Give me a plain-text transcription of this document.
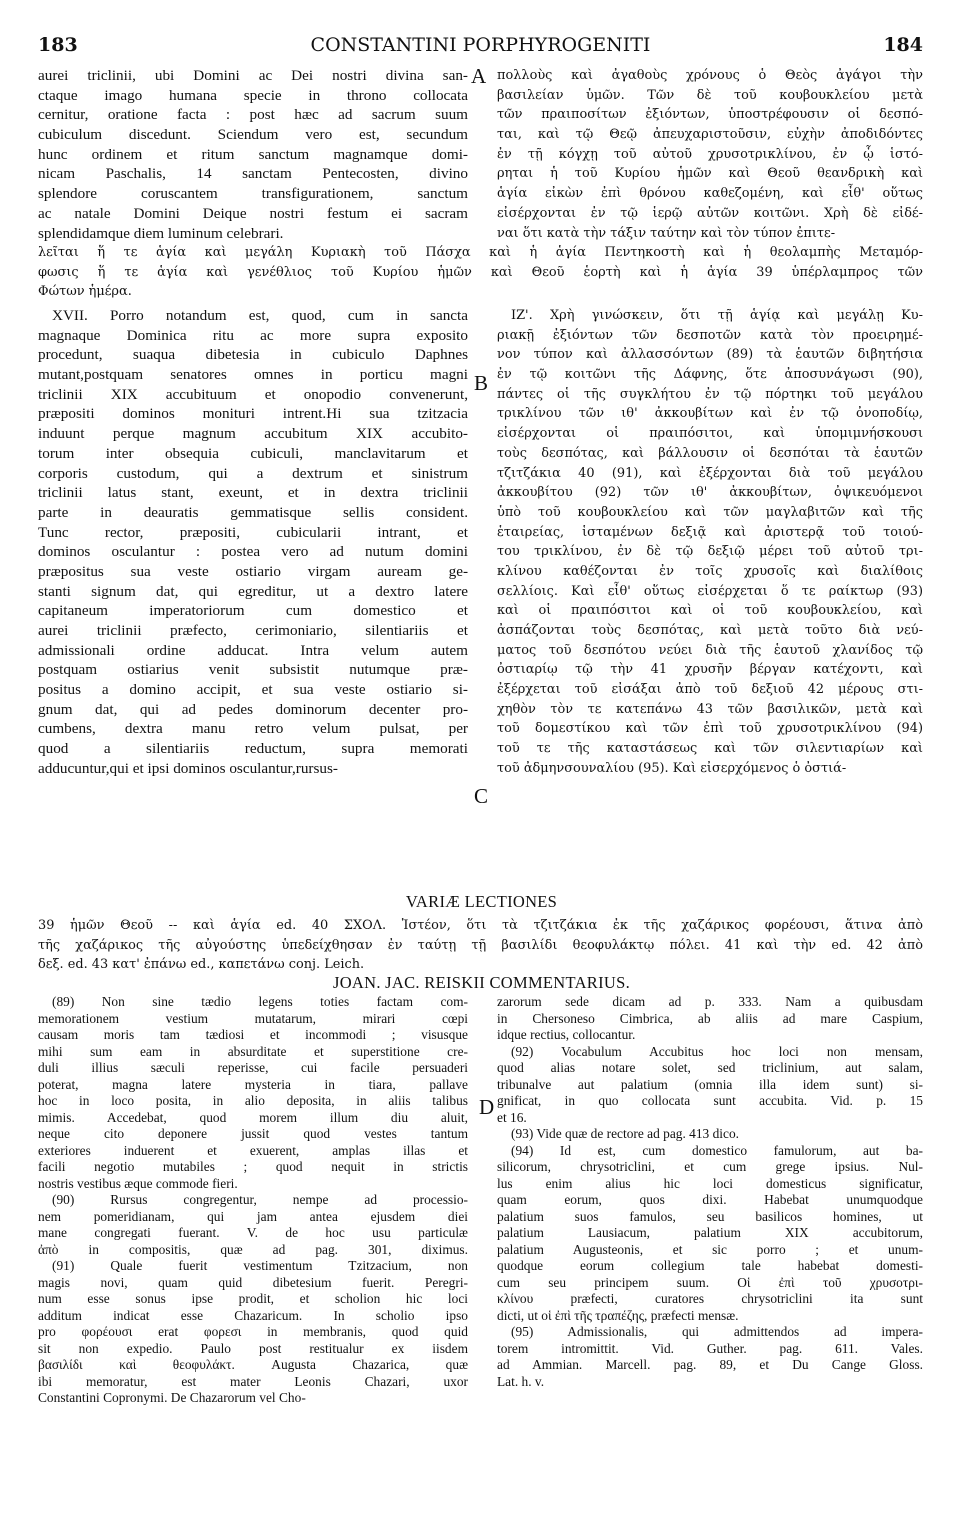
183	CONSTANTINI PORPHYROGENITI	184
aurei triclinii, ubi Domini ac Dei nostri divina san-
ctaque imago humana specie in throno collocata
cernitur, oratione facta : post hæc ad sacrum suum
cubiculum discedunt. Sciendum vero est, secundum
hunc ordinem et ritum sanctum magnamque domi-
nicam Paschalis, 14 sanctam Pentecosten, divino
splendore coruscantem transfigurationem, sanctum
ac natale Domini Deique nostri festum ei sacram
splendidamque diem luminum celebrari.
A πολλοὺς καὶ ἀγαθοὺς χρόνους ὁ Θεὸς ἀγάγοι τὴν
βασιλείαν ὑμῶν. Τῶν δὲ τοῦ κουβουκλείου μετὰ
τῶν πραιποσίτων ἐξιόντων, ὑποστρέφουσιν οἱ δεσπό-
ται, καὶ τῷ Θεῷ ἀπευχαριστοῦσιν, εὐχὴν ἀποδιδόντες
ἐν τῇ κόγχῃ τοῦ αὐτοῦ χρυσοτρικλίνου, ἐν ᾧ ἱστό-
ρηται ἡ τοῦ Κυρίου ἡμῶν καὶ Θεοῦ θεανδρικὴ καὶ
ἁγία εἰκὼν ἐπὶ θρόνου καθεζομένη, καὶ εἶθ' οὕτως
εἰσέρχονται ἐν τῷ ἱερῷ αὐτῶν κοιτῶνι. Χρὴ δὲ εἰδέ-
ναι ὅτι κατὰ τὴν τάξιν ταύτην καὶ τὸν τύπον ἐπιτε-
λεῖται ἥ τε ἁγία καὶ μεγάλη Κυριακὴ τοῦ Πάσχα καὶ ἡ ἁγία Πεντηκοστὴ καὶ ἡ θεολαμπὴς Μεταμόρ-
φωσις ἥ τε ἁγία καὶ γενέθλιος τοῦ Κυρίου ἡμῶν καὶ Θεοῦ ἑορτὴ καὶ ἡ ἁγία 39 ὑπέρλαμπρος τῶν
Φώτων ἡμέρα.
XVII. Porro notandum est, quod, cum in sancta
magnaque Dominica ritu ac more supra exposito
procedunt, suaqua dibetesia in cubiculo Daphnes
mutant,postquam senatores omnes in porticu magni
triclinii XIX accubituum et onopodio convenerunt,
præpositi dominos monituri intrent.Hi sua tzitzacia
induunt perque magnum accubitum XIX accubito-
torum inter obsequia cubiculi, manclavitarum et
corporis custodum, qui a dextrum et sinistrum
triclinii latus stant, exeunt, et in dextra triclinii
parte in deauratis gemmatisque sellis consident.
Tunc rector, præpositi, cubicularii intrant, et
dominos osculantur : postea vero ad nutum domini
præpositus sua veste ostiario virgam auream ge-
stanti signum dat, qui egreditur, ut a dextro latere
capitaneum imperatoriorum cum domestico et
aurei triclinii præfecto, cerimoniario, silentiariis et
admissionali ordine adducat. Intra velum autem
postquam ostiarius venit subsistit nutumque præ-
positus a domino accipit, et sua veste ostiario si-
gnum dat, qui ad pedes dominorum decenter pro-
cumbens, dextra manu retro velum pulsat, per
quod a silentiariis reductum, supra memorati
adducuntur,qui et ipsi dominos osculantur,rursus-
B
C
ΙΖ'. Χρὴ γινώσκειν, ὅτι τῇ ἁγίᾳ καὶ μεγάλῃ Κυ-
ριακῇ ἐξιόντων τῶν δεσποτῶν κατὰ τὸν προειρημέ-
νον τύπον καὶ ἀλλασσόντων (89) τὰ ἑαυτῶν διβητήσια
ἐν τῷ κοιτῶνι τῆς Δάφνης, ὅτε ἀποσυνάγωσι (90),
πάντες οἱ τῆς συγκλήτου ἐν τῷ πόρτηκι τοῦ μεγάλου
τρικλίνου τῶν ιθ' ἀκκουβίτων καὶ ἐν τῷ ὀνοποδίῳ,
εἰσέρχονται οἱ πραιπόσιτοι, καὶ ὑπομιμνήσκουσι
τοὺς δεσπότας, καὶ βάλλουσιν οἱ δεσπόται τὰ ἑαυτῶν
τζιτζάκια 40 (91), καὶ ἐξέρχονται διὰ τοῦ μεγάλου
ἀκκουβίτου (92) τῶν ιθ' ἀκκουβίτων, ὀψικευόμενοι
ὑπὸ τοῦ κουβουκλείου καὶ τῶν μαγλαβιτῶν καὶ τῆς
ἑταιρείας, ἱσταμένων δεξιᾷ καὶ ἀριστερᾷ τοῦ τοιού-
του τρικλίνου, ἐν δὲ τῷ δεξιῷ μέρει τοῦ αὐτοῦ τρι-
κλίνου καθέζονται ἐν τοῖς χρυσοῖς καὶ διαλίθοις
σελλίοις. Καὶ εἶθ' οὕτως εἰσέρχεται ὅ τε ραίκτωρ (93)
καὶ οἱ πραιπόσιτοι καὶ οἱ τοῦ κουβουκλείου, καὶ
ἀσπάζονται τοὺς δεσπότας, καὶ μετὰ τοῦτο διὰ νεύ-
ματος τοῦ δεσπότου νεύει διὰ τῆς ἑαυτοῦ χλανίδος τῷ
ὀστιαρίῳ τῷ τὴν 41 χρυσῆν βέργαν κατέχοντι, καὶ
ἐξέρχεται τοῦ εἰσάξαι ἀπὸ τοῦ δεξιοῦ 42 μέρους στι-
χηθὸν τὸν τε κατεπάνω 43 τῶν βασιλικῶν, μετὰ καὶ
τοῦ δομεστίκου καὶ τῶν ἐπὶ τοῦ χρυσοτρικλίνου (94)
τοῦ τε τῆς καταστάσεως καὶ τῶν σιλεντιαρίων καὶ
τοῦ ἀδμηνσουναλίου (95). Καὶ εἰσερχόμενος ὁ ὀστιά-
VARIÆ LECTIONES
39 ἡμῶν Θεοῦ -- καὶ ἁγία ed. 40 ΣΧΟΛ. Ἰστέον, ὅτι τὰ τζιτζάκια ἐκ τῆς χαζάρικος φορέουσι, ἅτινα ἀπὸ
τῆς χαζάρικος τῆς αὐγούστης ὑπεδείχθησαν ἐν ταύτῃ τῇ βασιλίδι θεοφυλάκτῳ πόλει. 41 καὶ τὴν ed. 42 ἀπὸ
δεξ. ed. 43 κατ' ἐπάνω ed., καπετάνω conj. Leich.
JOAN. JAC. REISKII COMMENTARIUS.
(89) Non sine tædio legens toties factam com-
memorationem vestium mutatarum, mirari cœpi
causam moris tam tædiosi et incommodi ; visusque
mihi sum eam in absurditate et superstitione cre-
duli illius sæculi reperisse, cui facile persuaderi
poterat, magna latere mysteria in tiara, pallave
hoc in loco posita, in alio deposita, in aliis talibus
mimis. Accedebat, quod morem illum diu aluit,
neque cito deponere jussit quod vestes tantum
exteriores induerent et exuerent, amplas illas et
facili negotio mutabiles ; quod nequit in strictis
nostris vestibus æque commode fieri.
(90) Rursus congregentur, nempe ad processio-
nem pomeridianam, qui jam antea ejusdem diei
mane congregati fuerant. V. de hoc usu particulæ
ἀπὸ in compositis, quæ ad pag. 301, diximus.
(91) Quale fuerit vestimentum Tzitzacium, non
magis novi, quam quid dibetesium fuerit. Peregri-
num esse sonus ipse prodit, et scholion hic loci
additum indicat esse Chazaricum. In scholio ipso
pro φορέουσι erat φορεσι in membranis, quod quid
sit non expedio. Paulo post restitualur ex iisdem
βασιλίδι καὶ θεοφυλάκτ. Augusta Chazarica, quæ
ibi memoratur, est mater Leonis Chazari, uxor
Constantini Copronymi. De Chazarorum vel Cho-
D
zarorum sede dicam ad p. 333. Nam a quibusdam
in Chersoneso Cimbrica, ab aliis ad mare Caspium,
idque rectius, collocantur.
(92) Vocabulum Accubitus hoc loci non mensam,
quod alias notare solet, sed triclinium, aut salam,
tribunalve aut palatium (omnia illa idem sunt) si-
gnificat, in quo collocata sunt accubita. Vid. p. 15
et 16.
(93) Vide quæ de rectore ad pag. 413 dico.
(94) Id est, cum domestico famulorum, aut ba-
silicorum, chrysotriclini, et cum grege ipsius. Nul-
lus enim alius hic loci domesticus significatur,
quam eorum, quos dixi. Habebat unumquodque
palatium suos famulos, seu basilicos homines, ut
palatium Lausiacum, palatium XIX accubitorum,
palatium Augusteonis, et sic porro ; et unum-
quodque eorum collegium tale habebat domesti-
cum seu principem suum. Oἱ ἐπὶ τοῦ χρυσοτρι-
κλίνου præfecti, curatores chrysotriclini ita sunt
dicti, ut οἱ ἐπὶ τῆς τραπέζης, præfecti mensæ.
(95) Admissionalis, qui admittendos ad impera-
torem intromittit. Vid. Guther. pag. 611. Vales.
ad Ammian. Marcell. pag. 89, et Du Cange Gloss.
Lat. h. v.
